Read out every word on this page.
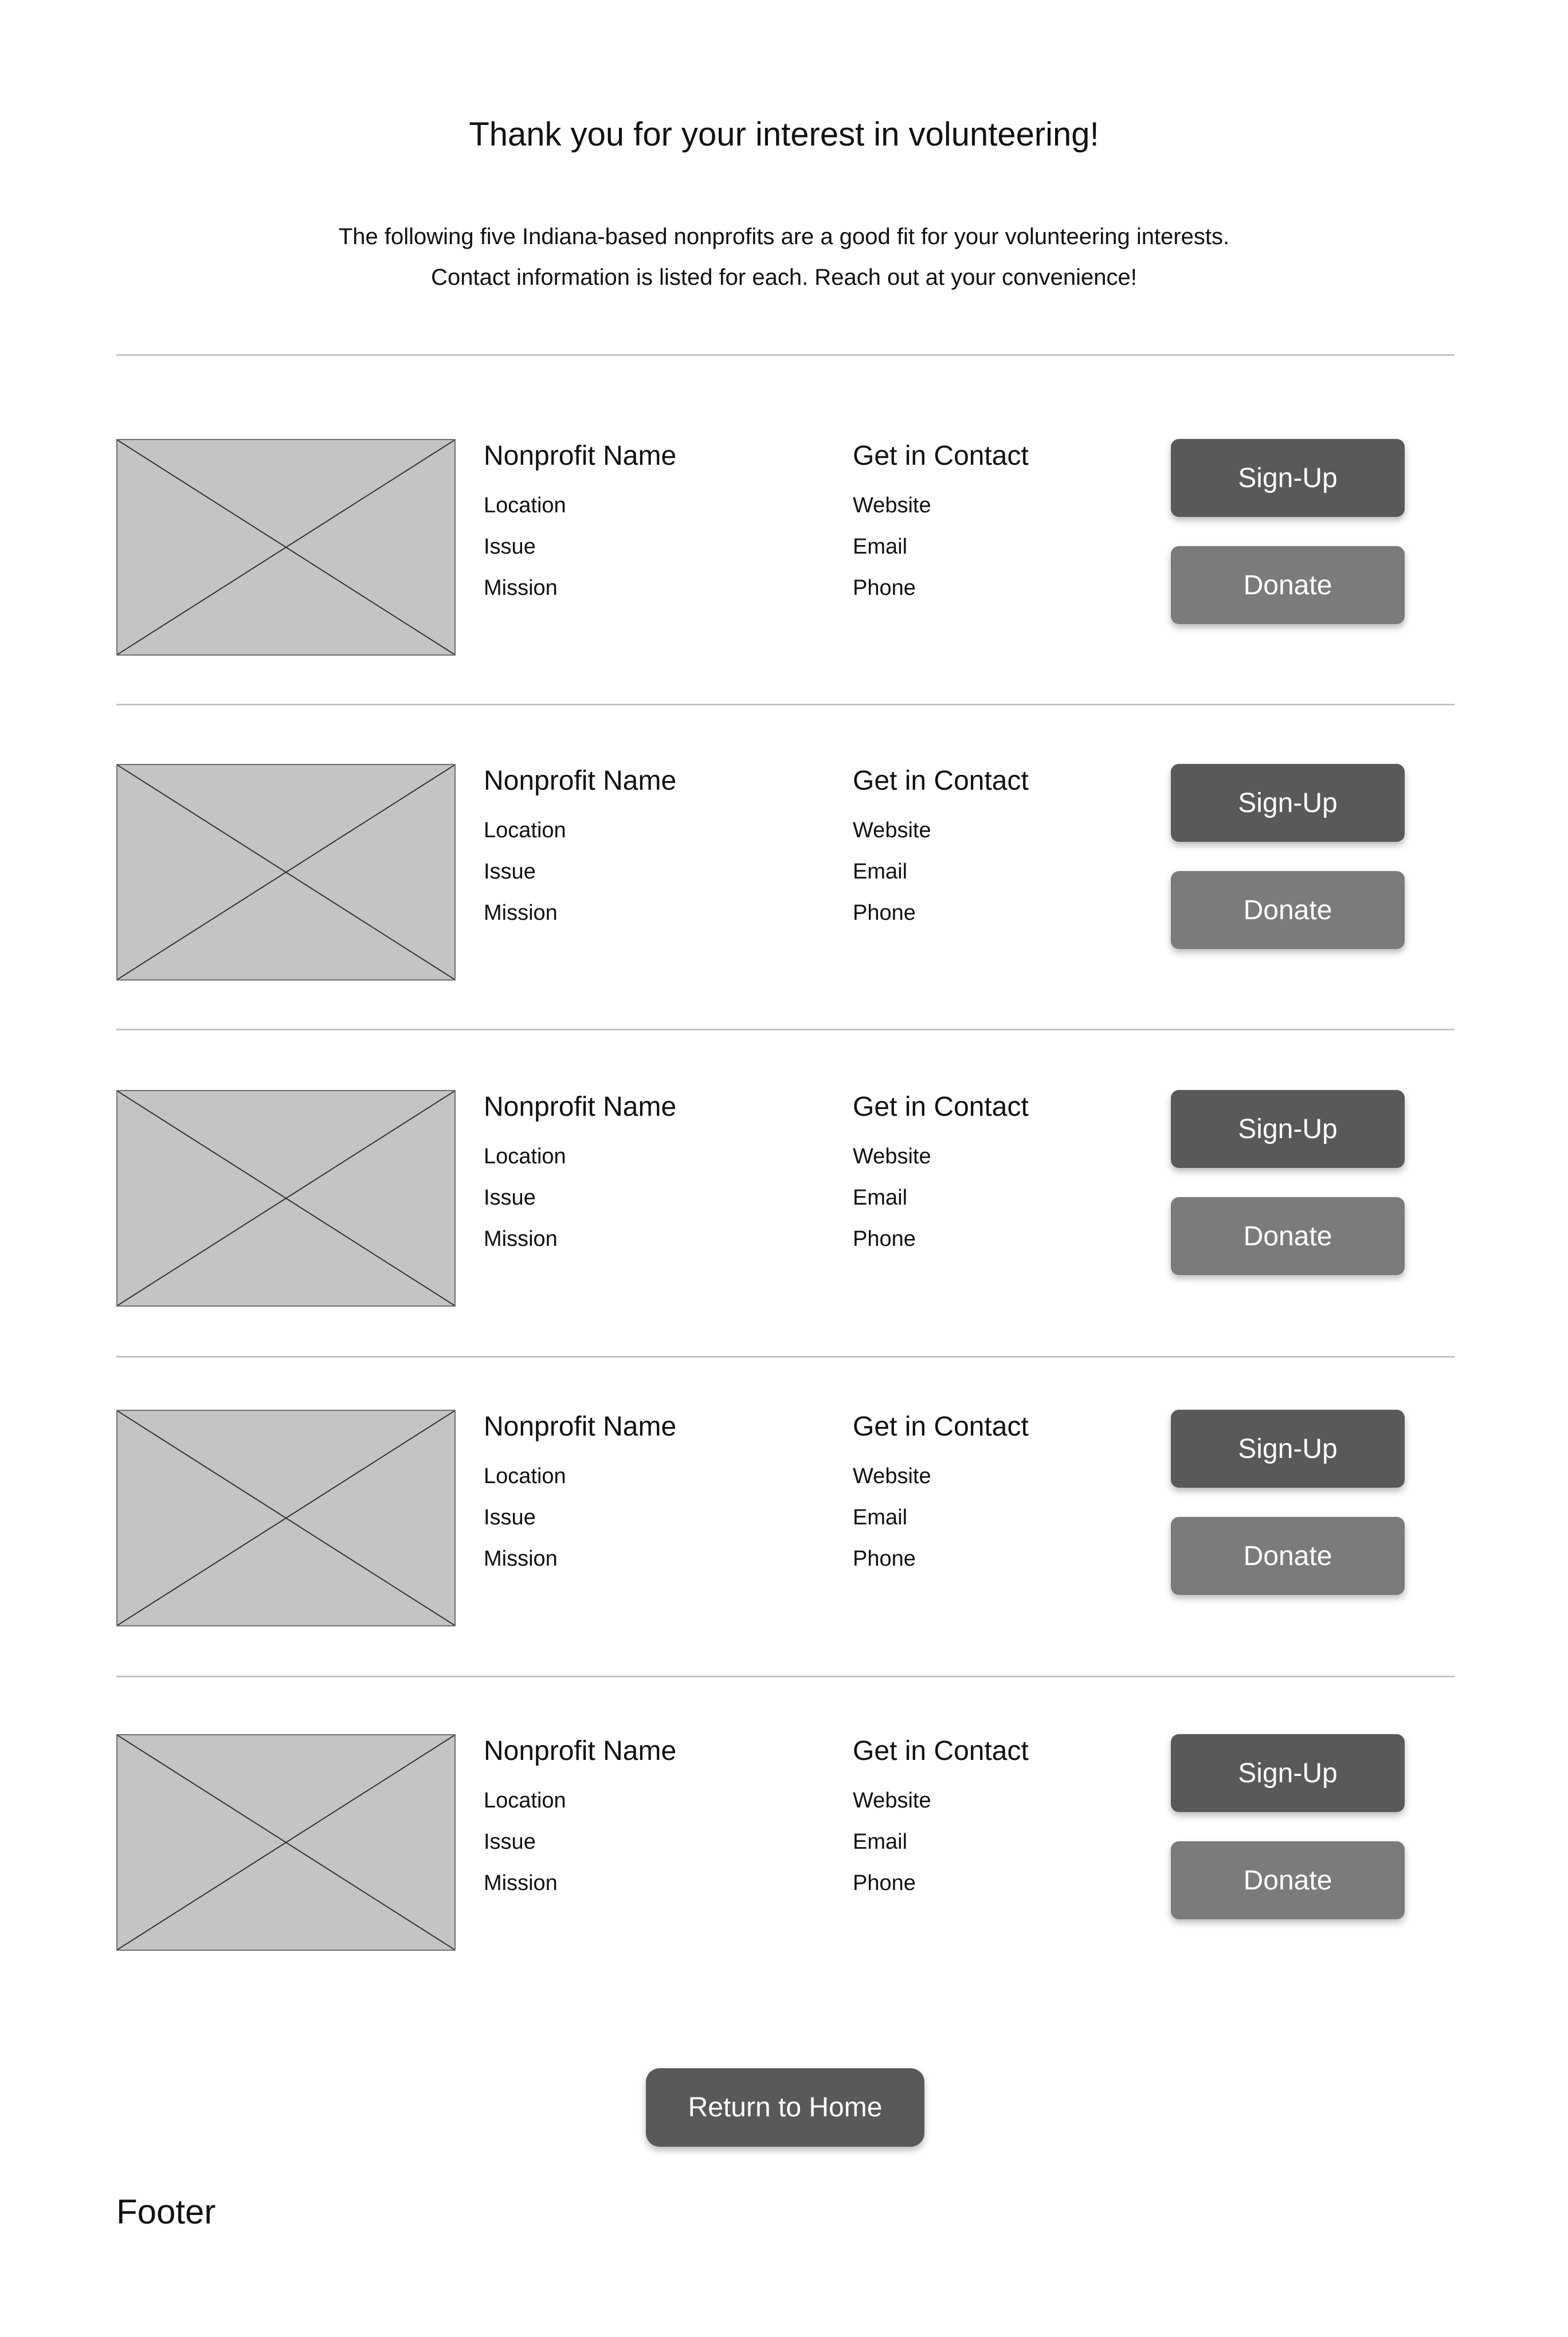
Thank you for your interest in volunteering!

The following five Indiana-based nonprofits are a good fit for your volunteering interests.

Contact information is listed for each. Reach out at your convenience!

Nonprofit Name
Location
Issue
Mission
Get in Contact
Website
Email
Phone
Sign-Up
Donate
Nonprofit Name
Location
Issue
Mission
Get in Contact
Website
Email
Phone
Sign-Up
Donate
Nonprofit Name
Location
Issue
Mission
Get in Contact
Website
Email
Phone
Sign-Up
Donate
Nonprofit Name
Location
Issue
Mission
Get in Contact
Website
Email
Phone
Sign-Up
Donate
Nonprofit Name
Location
Issue
Mission
Get in Contact
Website
Email
Phone
Sign-Up
Donate
Return to Home
Footer
